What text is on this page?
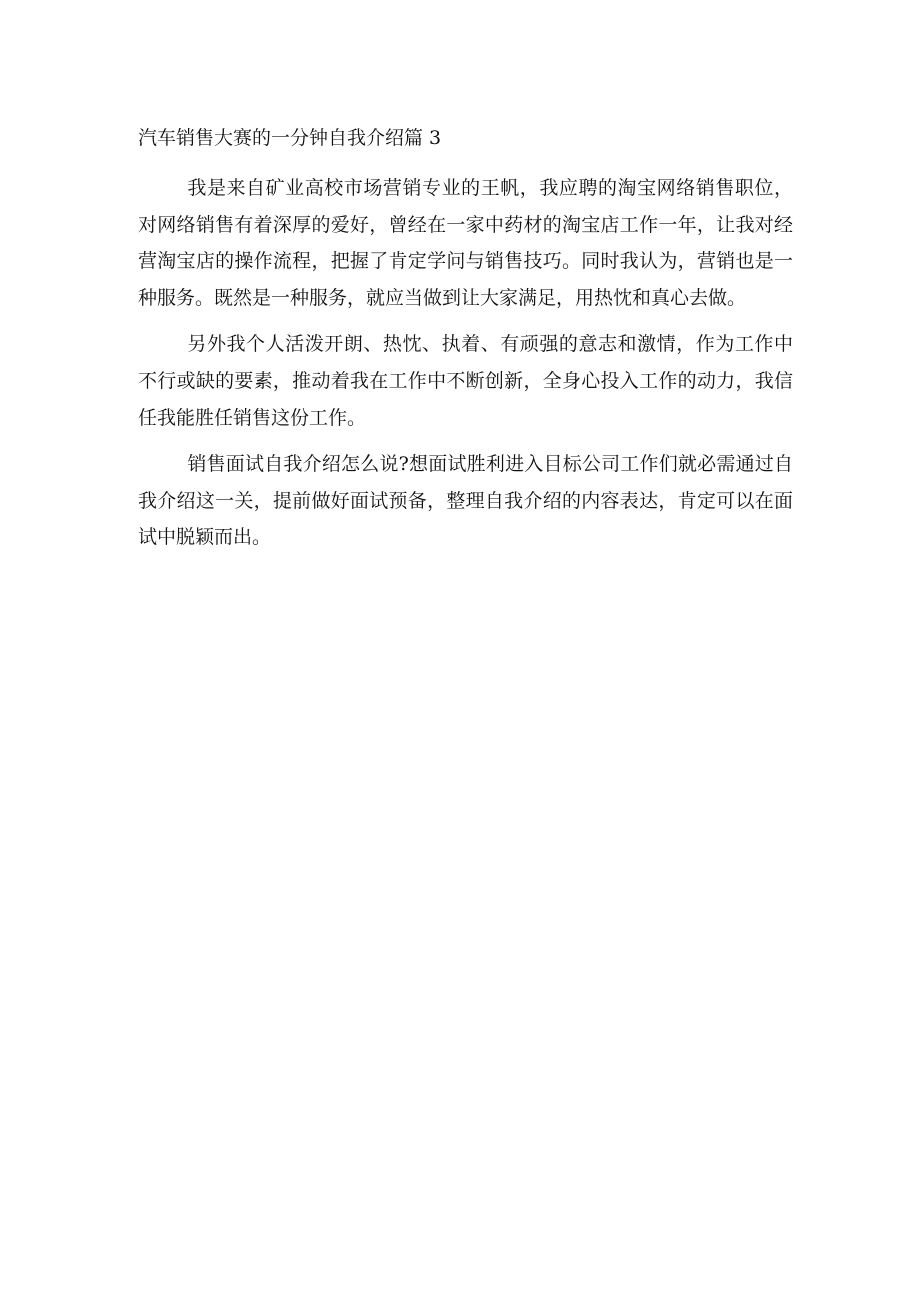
汽车销售大赛的一分钟自我介绍篇 3

我是来自矿业高校市场营销专业的王帆，我应聘的淘宝网络销售职位，对网络销售有着深厚的爱好，曾经在一家中药材的淘宝店工作一年，让我对经营淘宝店的操作流程，把握了肯定学问与销售技巧。同时我认为，营销也是一种服务。既然是一种服务，就应当做到让大家满足，用热忱和真心去做。

另外我个人活泼开朗、热忱、执着、有顽强的意志和激情，作为工作中不行或缺的要素，推动着我在工作中不断创新，全身心投入工作的动力，我信任我能胜任销售这份工作。

销售面试自我介绍怎么说?想面试胜利进入目标公司工作们就必需通过自我介绍这一关，提前做好面试预备，整理自我介绍的内容表达，肯定可以在面试中脱颖而出。
